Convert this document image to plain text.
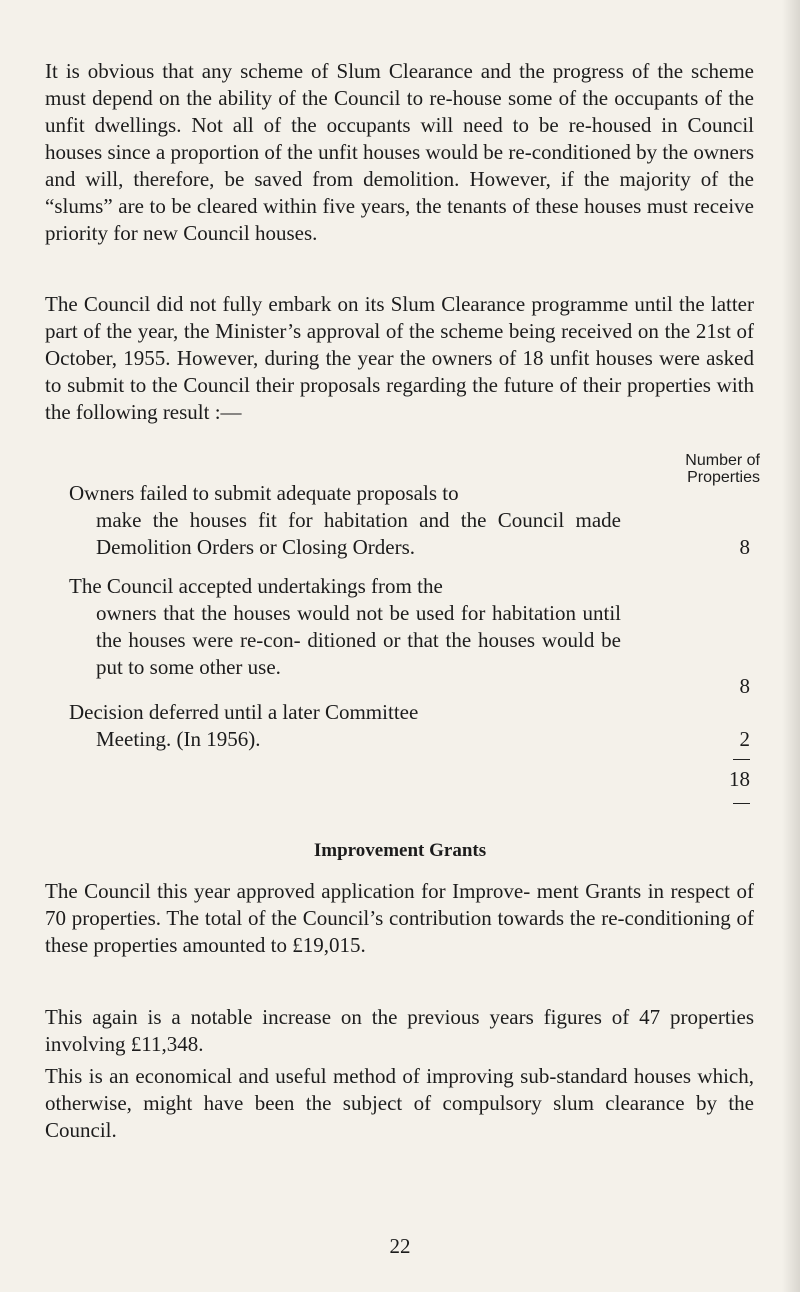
It is obvious that any scheme of Slum Clearance and the progress of the scheme must depend on the ability of the Council to re-house some of the occupants of the unfit dwellings. Not all of the occupants will need to be re-housed in Council houses since a proportion of the unfit houses would be re-conditioned by the owners and will, therefore, be saved from demolition. However, if the majority of the “slums” are to be cleared within five years, the tenants of these houses must receive priority for new Council houses.

The Council did not fully embark on its Slum Clearance programme until the latter part of the year, the Minister’s approval of the scheme being received on the 21st of October, 1955. However, during the year the owners of 18 unfit houses were asked to submit to the Council their proposals regarding the future of their properties with the following result :—

Number of
Properties

Owners failed to submit adequate proposals to
make the houses fit for habitation and the Council made Demolition Orders or Closing Orders.	8

The Council accepted undertakings from the
owners that the houses would not be used for habitation until the houses were re-con- ditioned or that the houses would be put to some other use.

8

Decision deferred until a later Committee
Meeting. (In 1956).	2

18

Improvement Grants

The Council this year approved application for Improve- ment Grants in respect of 70 properties. The total of the Council’s contribution towards the re-conditioning of these properties amounted to £19,015.

This again is a notable increase on the previous years figures of 47 properties involving £11,348.

This is an economical and useful method of improving sub-standard houses which, otherwise, might have been the subject of compulsory slum clearance by the Council.

22
